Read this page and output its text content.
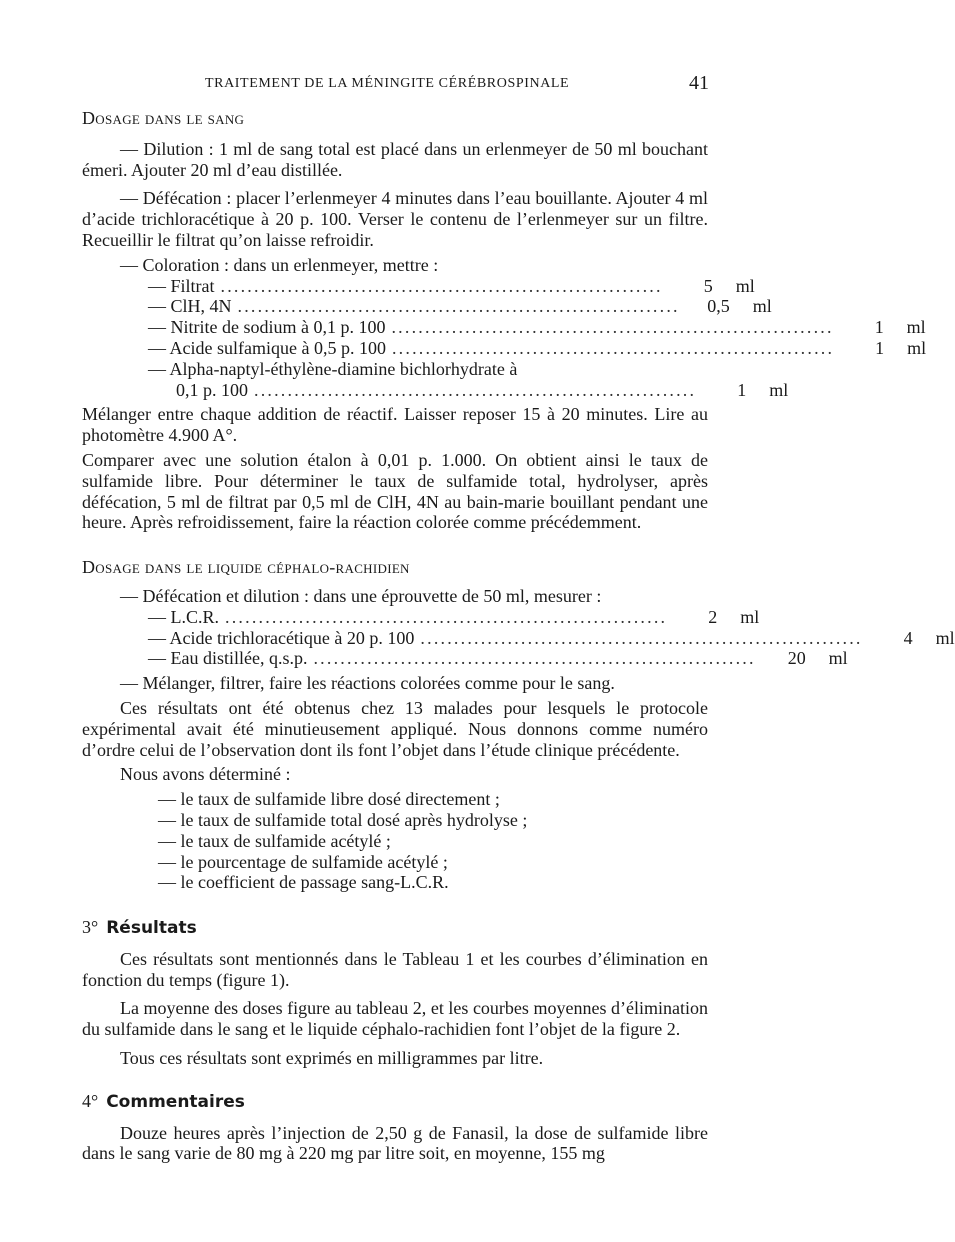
TRAITEMENT DE LA MÉNINGITE CÉRÉBROSPINALE	41
Dosage dans le sang

— Dilution : 1 ml de sang total est placé dans un erlenmeyer de 50 ml bouchant émeri. Ajouter 20 ml d’eau distillée.

— Défécation : placer l’erlenmeyer 4 minutes dans l’eau bouillante. Ajouter 4 ml d’acide trichloracétique à 20 p. 100. Verser le contenu de l’erlenmeyer sur un filtre. Recueillir le filtrat qu’on laisse refroidir.

— Coloration : dans un erlenmeyer, mettre :

— Filtrat ..................................................................	5	ml
— ClH, 4N ..................................................................	0,5	ml
— Nitrite de sodium à 0,1 p. 100 ..................................................................	1	ml
— Acide sulfamique à 0,5 p. 100 ..................................................................	1	ml
— Alpha-naptyl-éthylène-diamine bichlorhydrate à
0,1 p. 100 ..................................................................	1	ml

Mélanger entre chaque addition de réactif. Laisser reposer 15 à 20 minutes. Lire au photomètre 4.900 A°.

Comparer avec une solution étalon à 0,01 p. 1.000. On obtient ainsi le taux de sulfamide libre. Pour déterminer le taux de sulfamide total, hydrolyser, après défécation, 5 ml de filtrat par 0,5 ml de ClH, 4N au bain-marie bouillant pendant une heure. Après refroidissement, faire la réaction colorée comme précédemment.

Dosage dans le liquide céphalo-rachidien

— Défécation et dilution : dans une éprouvette de 50 ml, mesurer :

— L.C.R. ..................................................................	2	ml
— Acide trichloracétique à 20 p. 100 ..................................................................	4	ml
— Eau distillée, q.s.p. ..................................................................	20	ml

— Mélanger, filtrer, faire les réactions colorées comme pour le sang.

Ces résultats ont été obtenus chez 13 malades pour lesquels le protocole expérimental avait été minutieusement appliqué. Nous donnons comme numéro d’ordre celui de l’observation dont ils font l’objet dans l’étude clinique précédente.

Nous avons déterminé :

— le taux de sulfamide libre dosé directement ;
— le taux de sulfamide total dosé après hydrolyse ;
— le taux de sulfamide acétylé ;
— le pourcentage de sulfamide acétylé ;
— le coefficient de passage sang-L.C.R.
3° Résultats

Ces résultats sont mentionnés dans le Tableau 1 et les courbes d’élimination en fonction du temps (figure 1).

La moyenne des doses figure au tableau 2, et les courbes moyennes d’élimination du sulfamide dans le sang et le liquide céphalo-rachidien font l’objet de la figure 2.

Tous ces résultats sont exprimés en milligrammes par litre.

4° Commentaires

Douze heures après l’injection de 2,50 g de Fanasil, la dose de sulfamide libre dans le sang varie de 80 mg à 220 mg par litre soit, en moyenne, 155 mg
